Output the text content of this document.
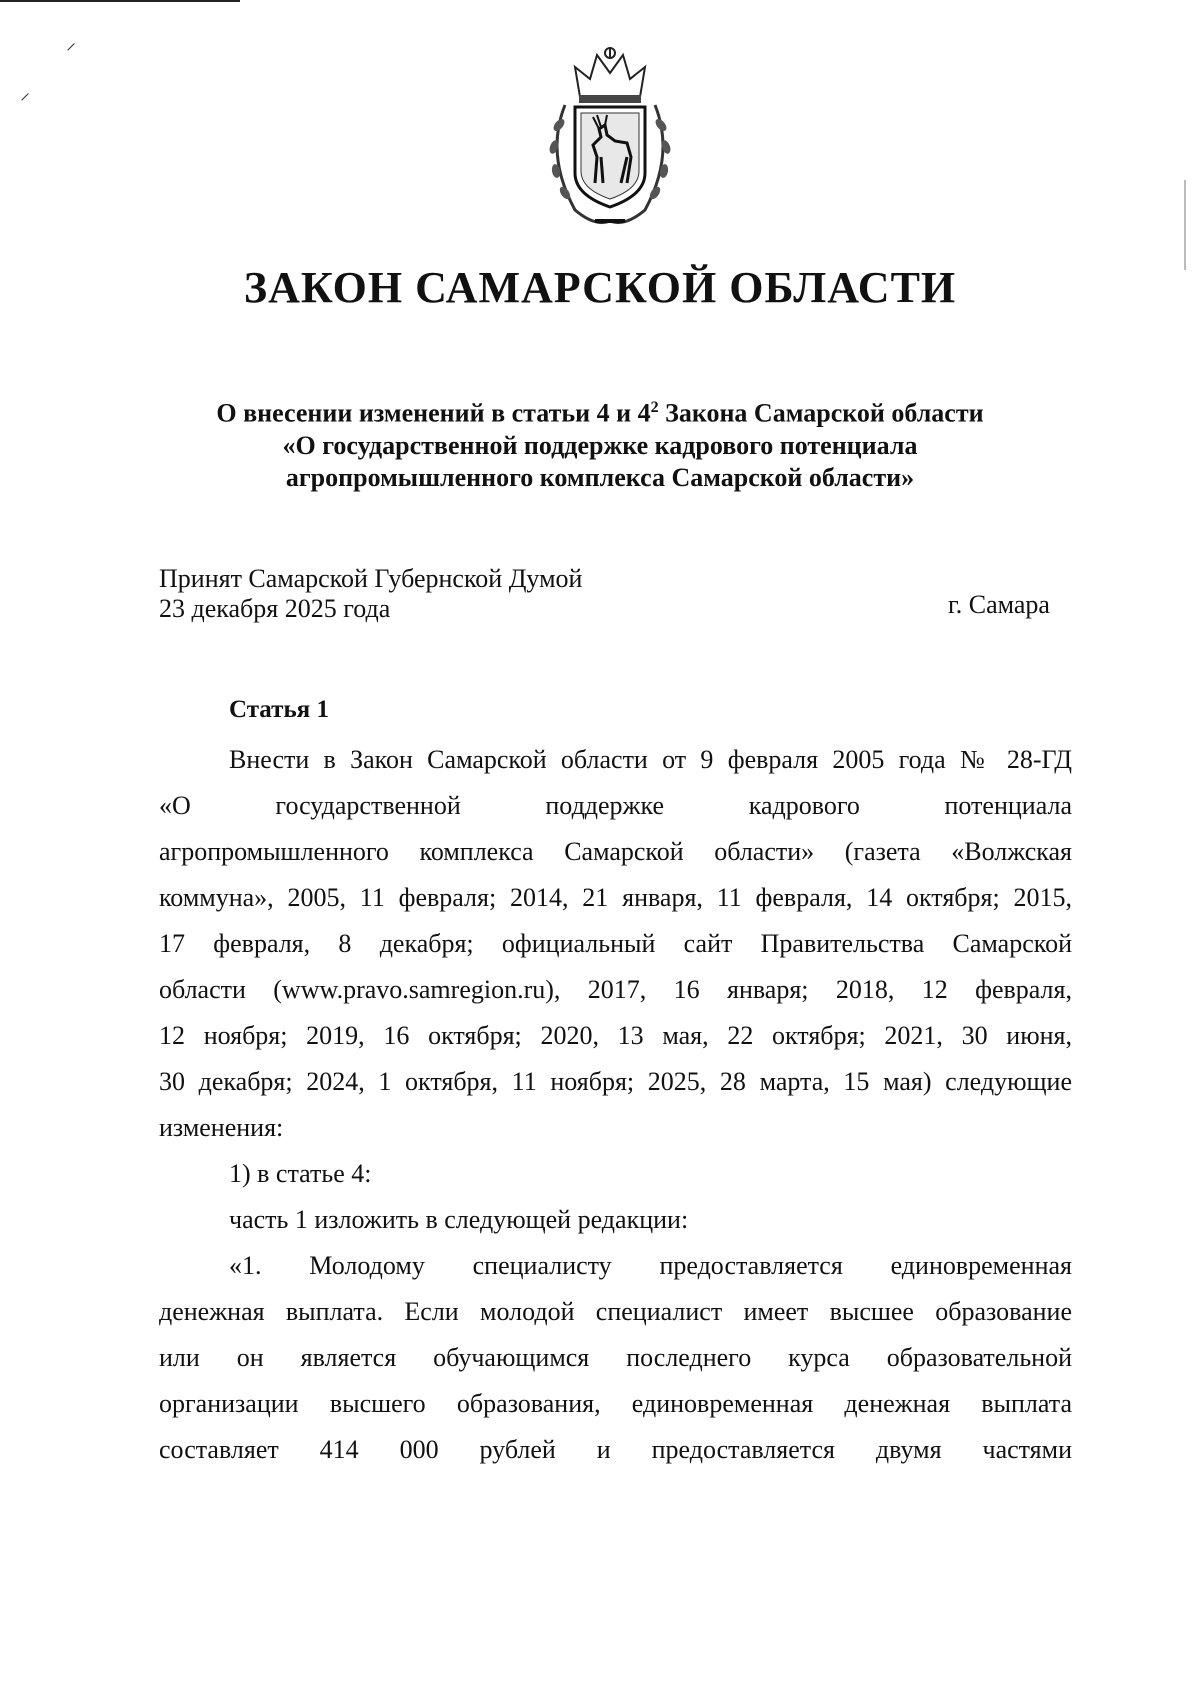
⸝
⸝
ЗАКОН САМАРСКОЙ ОБЛАСТИ
О внесении изменений в статьи 4 и $4^2$ Закона Самарской области
«О государственной поддержке кадрового потенциала
агропромышленного комплекса Самарской области»
Принят Самарской Губернской Думой
23 декабря 2025 года	г. Самара
Статья 1

Внести в Закон Самарской области от 9 февраля 2005 года № 28-ГД

«О государственной поддержке кадрового потенциала

агропромышленного комплекса Самарской области» (газета «Волжская

коммуна», 2005, 11 февраля; 2014, 21 января, 11 февраля, 14 октября; 2015,

17 февраля, 8 декабря; официальный сайт Правительства Самарской

области (www.pravo.samregion.ru), 2017, 16 января; 2018, 12 февраля,

12 ноября; 2019, 16 октября; 2020, 13 мая, 22 октября; 2021, 30 июня,

30 декабря; 2024, 1 октября, 11 ноября; 2025, 28 марта, 15 мая) следующие

изменения:

1) в статье 4:

часть 1 изложить в следующей редакции:

«1. Молодому специалисту предоставляется единовременная

денежная выплата. Если молодой специалист имеет высшее образование

или он является обучающимся последнего курса образовательной

организации высшего образования, единовременная денежная выплата

составляет 414 000 рублей и предоставляется двумя частями
